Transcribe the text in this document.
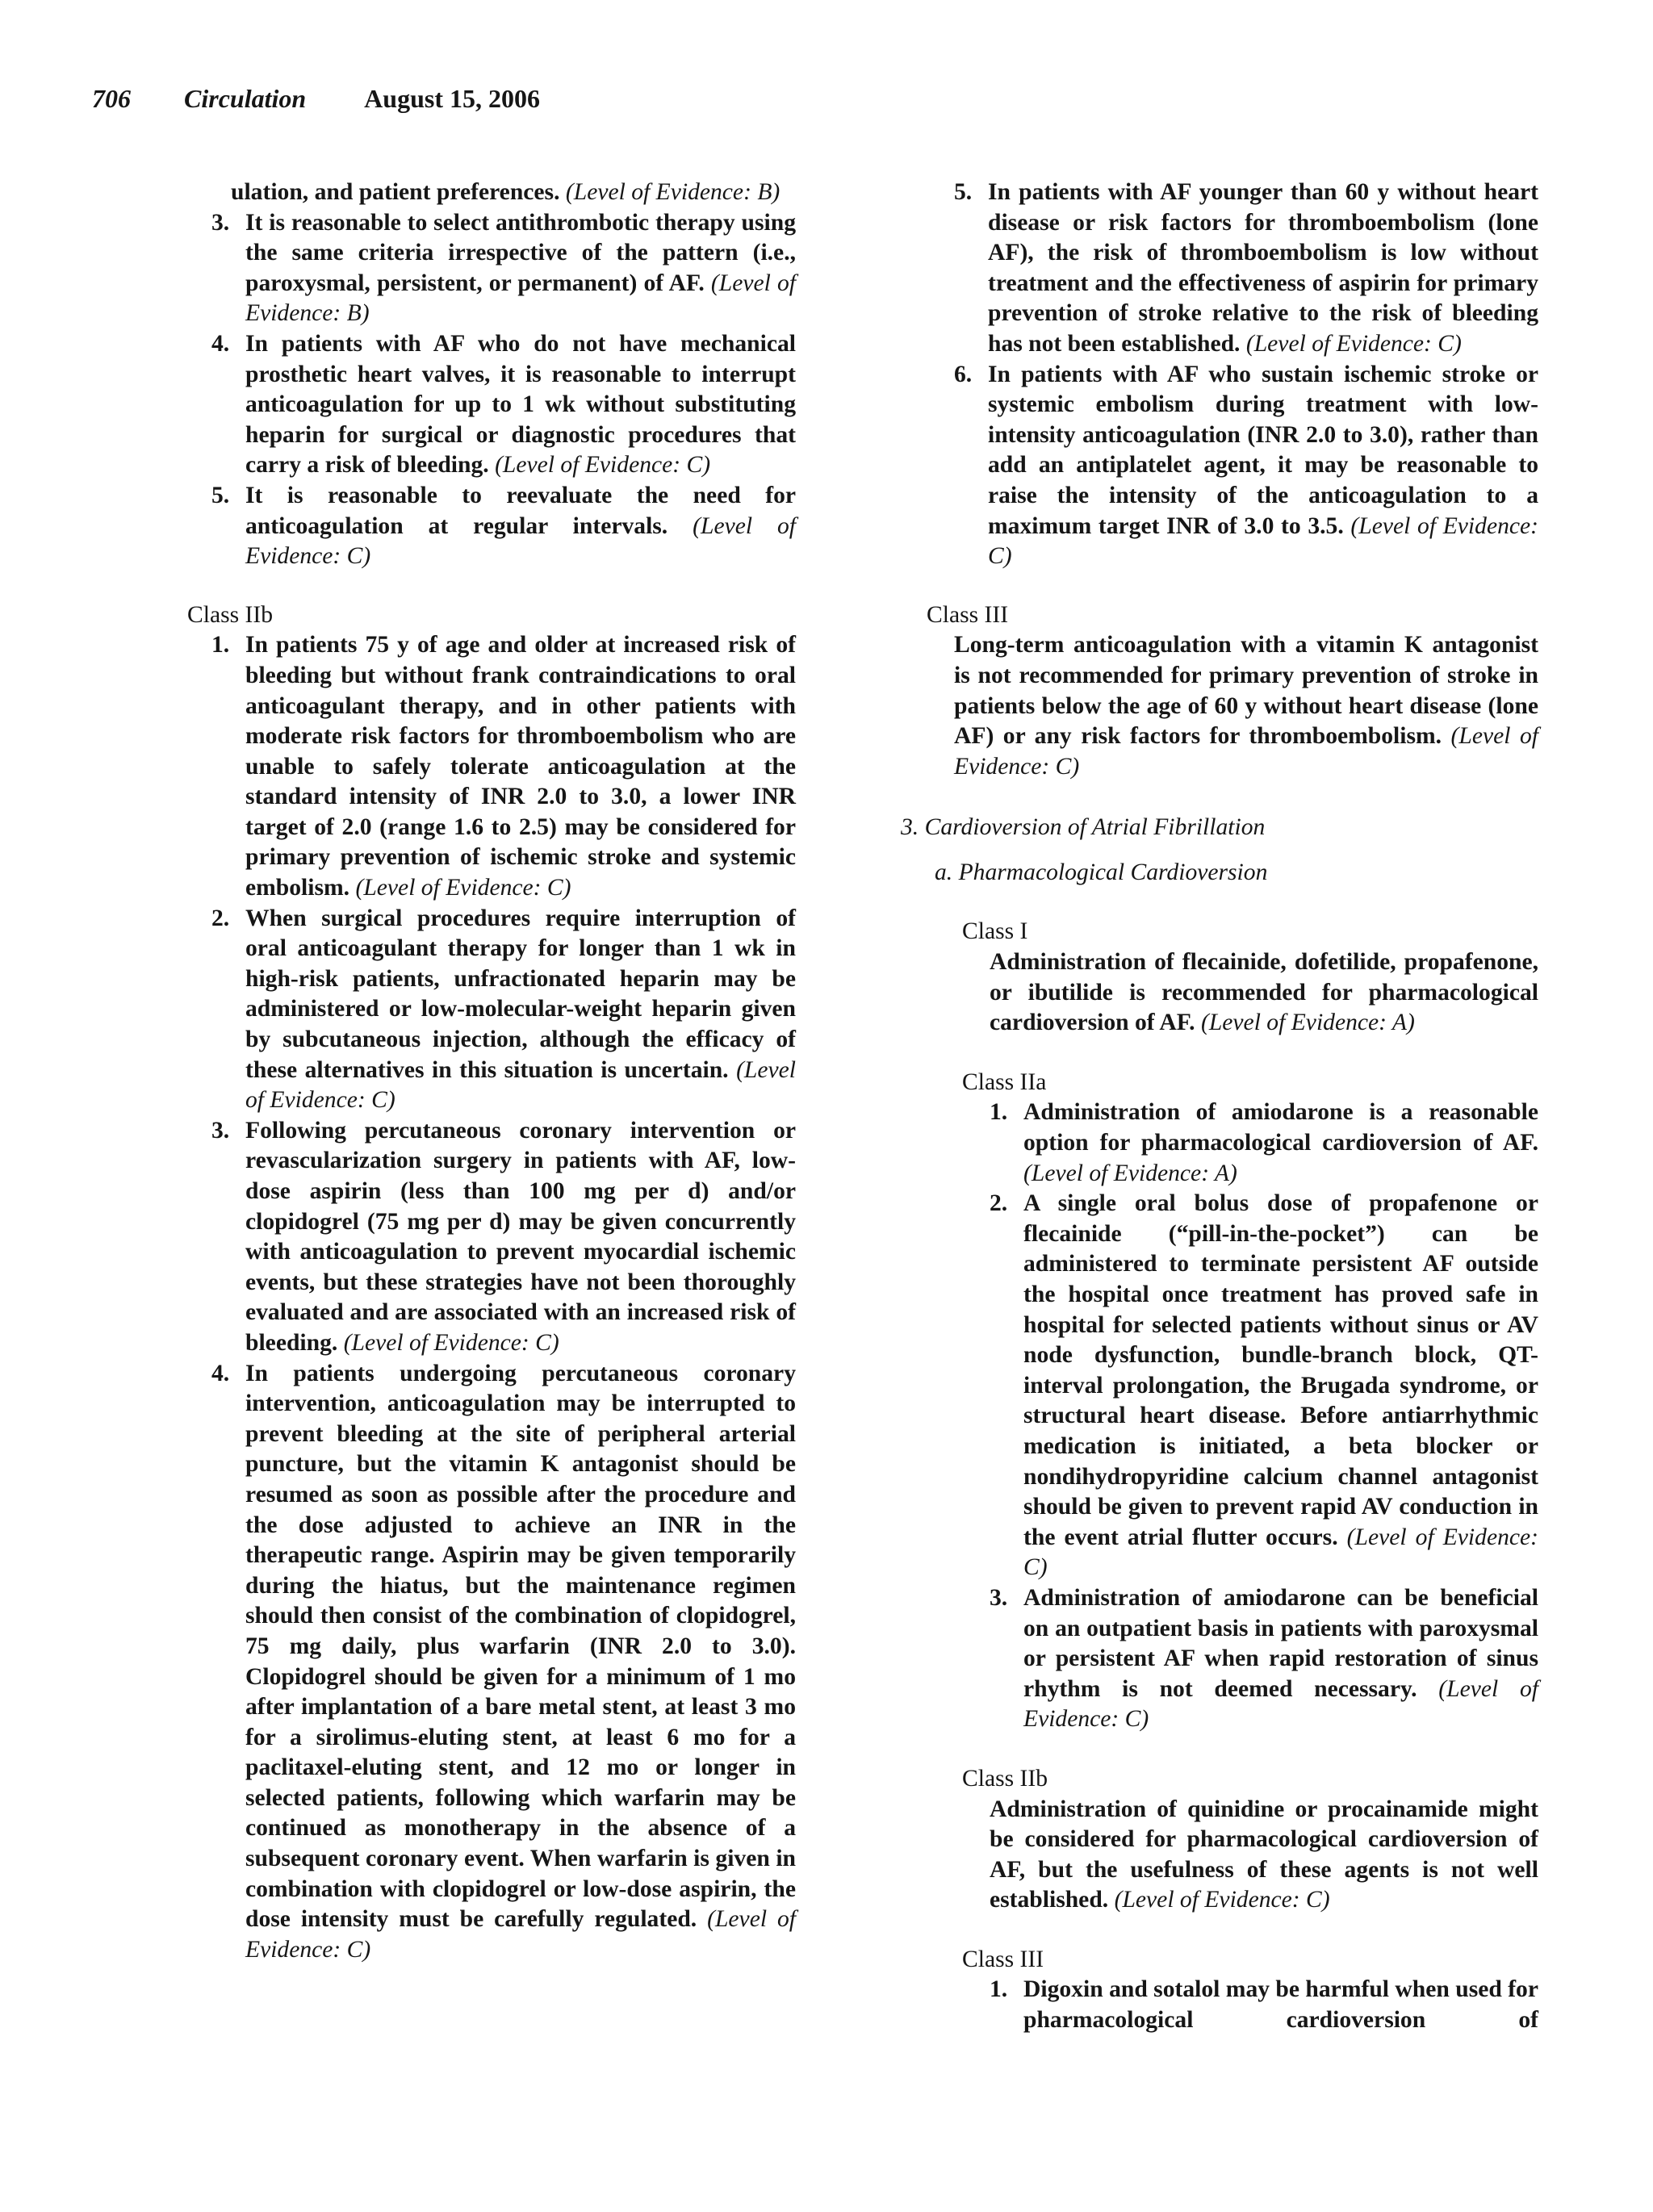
706 Circulation August 15, 2006

ulation, and patient preferences. (Level of Evidence: B)

3. It is reasonable to select antithrombotic therapy using the same criteria irrespective of the pattern (i.e., paroxysmal, persistent, or permanent) of AF. (Level of Evidence: B)
4. In patients with AF who do not have mechanical prosthetic heart valves, it is reasonable to interrupt anticoagulation for up to 1 wk without substituting heparin for surgical or diagnostic procedures that carry a risk of bleeding. (Level of Evidence: C)
5. It is reasonable to reevaluate the need for anticoagulation at regular intervals. (Level of Evidence: C)

Class IIb

1. In patients 75 y of age and older at increased risk of bleeding but without frank contraindications to oral anticoagulant therapy, and in other patients with moderate risk factors for thromboembolism who are unable to safely tolerate anticoagulation at the standard intensity of INR 2.0 to 3.0, a lower INR target of 2.0 (range 1.6 to 2.5) may be considered for primary prevention of ischemic stroke and systemic embolism. (Level of Evidence: C)
2. When surgical procedures require interruption of oral anticoagulant therapy for longer than 1 wk in high-risk patients, unfractionated heparin may be administered or low-molecular-weight heparin given by subcutaneous injection, although the efficacy of these alternatives in this situation is uncertain. (Level of Evidence: C)
3. Following percutaneous coronary intervention or revascularization surgery in patients with AF, low-dose aspirin (less than 100 mg per d) and/or clopidogrel (75 mg per d) may be given concurrently with anticoagulation to prevent myocardial ischemic events, but these strategies have not been thoroughly evaluated and are associated with an increased risk of bleeding. (Level of Evidence: C)
4. In patients undergoing percutaneous coronary intervention, anticoagulation may be interrupted to prevent bleeding at the site of peripheral arterial puncture, but the vitamin K antagonist should be resumed as soon as possible after the procedure and the dose adjusted to achieve an INR in the therapeutic range. Aspirin may be given temporarily during the hiatus, but the maintenance regimen should then consist of the combination of clopidogrel, 75 mg daily, plus warfarin (INR 2.0 to 3.0). Clopidogrel should be given for a minimum of 1 mo after implantation of a bare metal stent, at least 3 mo for a sirolimus-eluting stent, at least 6 mo for a paclitaxel-eluting stent, and 12 mo or longer in selected patients, following which warfarin may be continued as monotherapy in the absence of a subsequent coronary event. When warfarin is given in combination with clopidogrel or low-dose aspirin, the dose intensity must be carefully regulated. (Level of Evidence: C)
5. In patients with AF younger than 60 y without heart disease or risk factors for thromboembolism (lone AF), the risk of thromboembolism is low without treatment and the effectiveness of aspirin for primary prevention of stroke relative to the risk of bleeding has not been established. (Level of Evidence: C)
6. In patients with AF who sustain ischemic stroke or systemic embolism during treatment with low-intensity anticoagulation (INR 2.0 to 3.0), rather than add an antiplatelet agent, it may be reasonable to raise the intensity of the anticoagulation to a maximum target INR of 3.0 to 3.5. (Level of Evidence: C)

Class III

Long-term anticoagulation with a vitamin K antagonist is not recommended for primary prevention of stroke in patients below the age of 60 y without heart disease (lone AF) or any risk factors for thromboembolism. (Level of Evidence: C)

3. Cardioversion of Atrial Fibrillation

a. Pharmacological Cardioversion

Class I

Administration of flecainide, dofetilide, propafenone, or ibutilide is recommended for pharmacological cardioversion of AF. (Level of Evidence: A)

Class IIa

1. Administration of amiodarone is a reasonable option for pharmacological cardioversion of AF. (Level of Evidence: A)
2. A single oral bolus dose of propafenone or flecainide (“pill-in-the-pocket”) can be administered to terminate persistent AF outside the hospital once treatment has proved safe in hospital for selected patients without sinus or AV node dysfunction, bundle-branch block, QT-interval prolongation, the Brugada syndrome, or structural heart disease. Before antiarrhythmic medication is initiated, a beta blocker or nondihydropyridine calcium channel antagonist should be given to prevent rapid AV conduction in the event atrial flutter occurs. (Level of Evidence: C)
3. Administration of amiodarone can be beneficial on an outpatient basis in patients with paroxysmal or persistent AF when rapid restoration of sinus rhythm is not deemed necessary. (Level of Evidence: C)

Class IIb

Administration of quinidine or procainamide might be considered for pharmacological cardioversion of AF, but the usefulness of these agents is not well established. (Level of Evidence: C)

Class III

1. Digoxin and sotalol may be harmful when used for pharmacological cardioversion of
